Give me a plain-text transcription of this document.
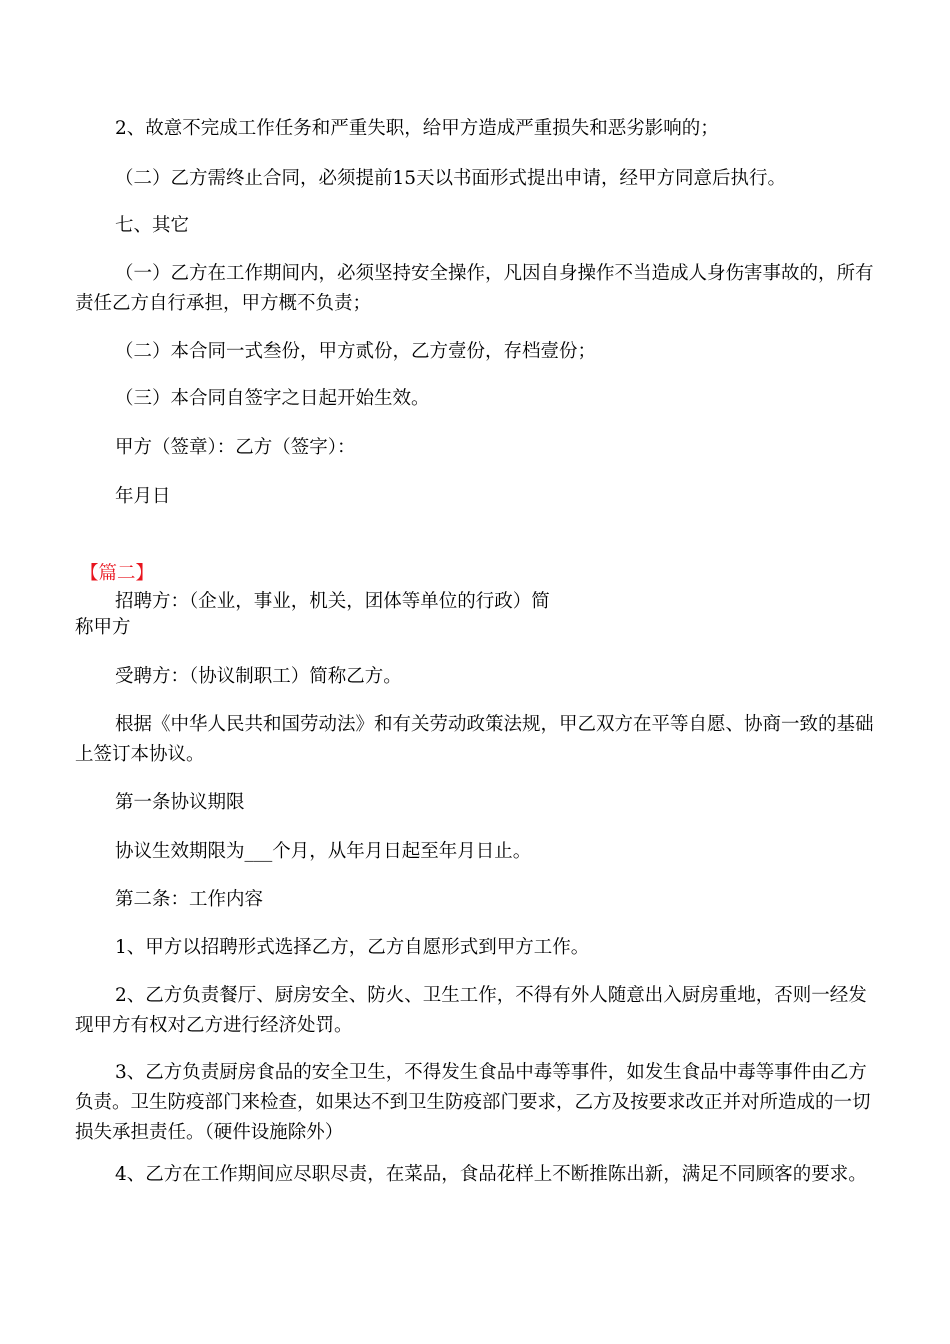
2、故意不完成工作任务和严重失职，给甲方造成严重损失和恶劣影响的；

（二）乙方需终止合同，必须提前15天以书面形式提出申请，经甲方同意后执行。

七、其它

（一）乙方在工作期间内，必须坚持安全操作，凡因自身操作不当造成人身伤害事故的，所有责任乙方自行承担，甲方概不负责；

（二）本合同一式叁份，甲方贰份，乙方壹份，存档壹份；

（三）本合同自签字之日起开始生效。

甲方（签章）：乙方（签字）：

年月日

【篇二】

招聘方：（企业，事业，机关，团体等单位的行政）简

称甲方

受聘方：（协议制职工）简称乙方。

根据《中华人民共和国劳动法》和有关劳动政策法规，甲乙双方在平等自愿、协商一致的基础上签订本协议。

第一条协议期限

协议生效期限为___个月，从年月日起至年月日止。

第二条：工作内容

1、甲方以招聘形式选择乙方，乙方自愿形式到甲方工作。

2、乙方负责餐厅、厨房安全、防火、卫生工作，不得有外人随意出入厨房重地，否则一经发现甲方有权对乙方进行经济处罚。

3、乙方负责厨房食品的安全卫生，不得发生食品中毒等事件，如发生食品中毒等事件由乙方负责。卫生防疫部门来检查，如果达不到卫生防疫部门要求，乙方及按要求改正并对所造成的一切损失承担责任。（硬件设施除外）

4、乙方在工作期间应尽职尽责，在菜品，食品花样上不断推陈出新，满足不同顾客的要求。
